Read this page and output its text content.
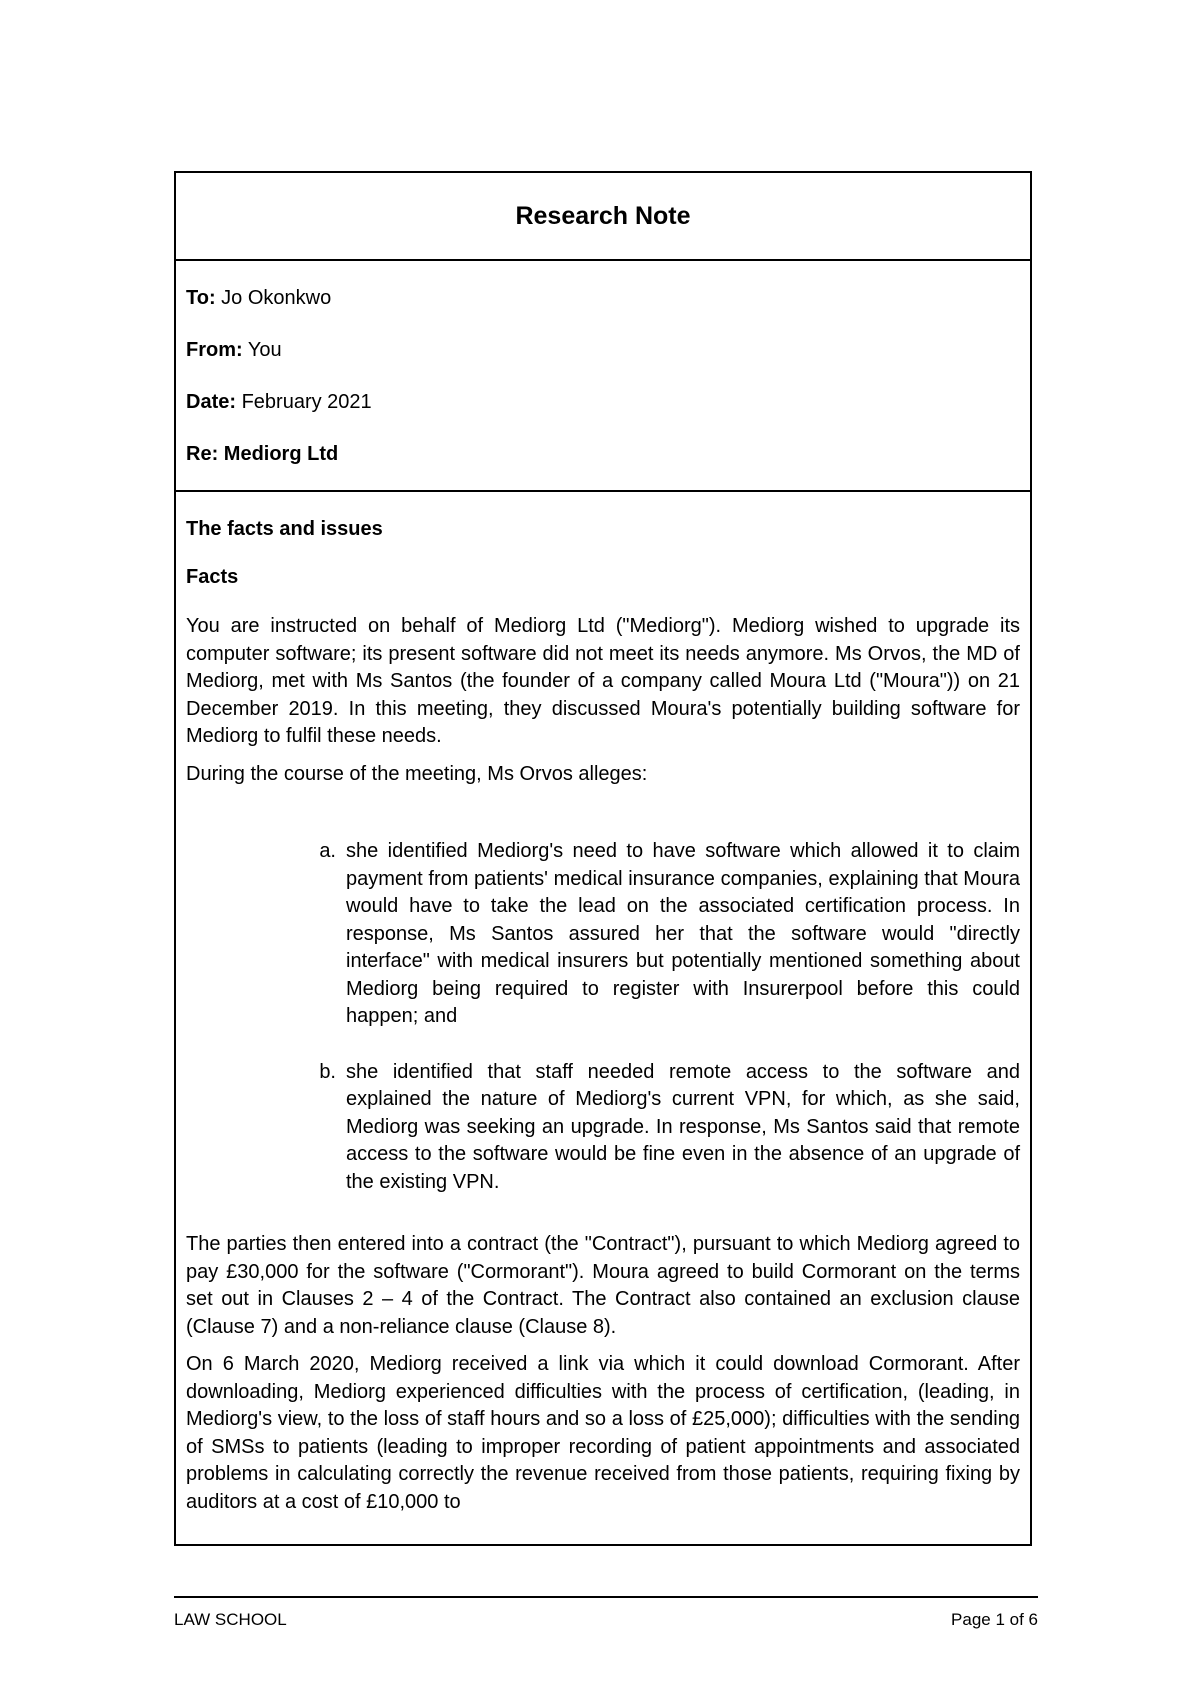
Research Note

To: Jo Okonkwo

From: You

Date: February 2021

Re: Mediorg Ltd

The facts and issues
Facts

You are instructed on behalf of Mediorg Ltd ("Mediorg"). Mediorg wished to upgrade its computer software; its present software did not meet its needs anymore. Ms Orvos, the MD of Mediorg, met with Ms Santos (the founder of a company called Moura Ltd ("Moura")) on 21 December 2019. In this meeting, they discussed Moura's potentially building software for Mediorg to fulfil these needs.

During the course of the meeting, Ms Orvos alleges:

a. she identified Mediorg's need to have software which allowed it to claim payment from patients' medical insurance companies, explaining that Moura would have to take the lead on the associated certification process. In response, Ms Santos assured her that the software would "directly interface" with medical insurers but potentially mentioned something about Mediorg being required to register with Insurerpool before this could happen; and
b. she identified that staff needed remote access to the software and explained the nature of Mediorg's current VPN, for which, as she said, Mediorg was seeking an upgrade. In response, Ms Santos said that remote access to the software would be fine even in the absence of an upgrade of the existing VPN.

The parties then entered into a contract (the "Contract"), pursuant to which Mediorg agreed to pay £30,000 for the software ("Cormorant"). Moura agreed to build Cormorant on the terms set out in Clauses 2 – 4 of the Contract. The Contract also contained an exclusion clause (Clause 7) and a non-reliance clause (Clause 8).

On 6 March 2020, Mediorg received a link via which it could download Cormorant. After downloading, Mediorg experienced difficulties with the process of certification, (leading, in Mediorg's view, to the loss of staff hours and so a loss of £25,000); difficulties with the sending of SMSs to patients (leading to improper recording of patient appointments and associated problems in calculating correctly the revenue received from those patients, requiring fixing by auditors at a cost of £10,000 to

LAW SCHOOL	Page 1 of 6
